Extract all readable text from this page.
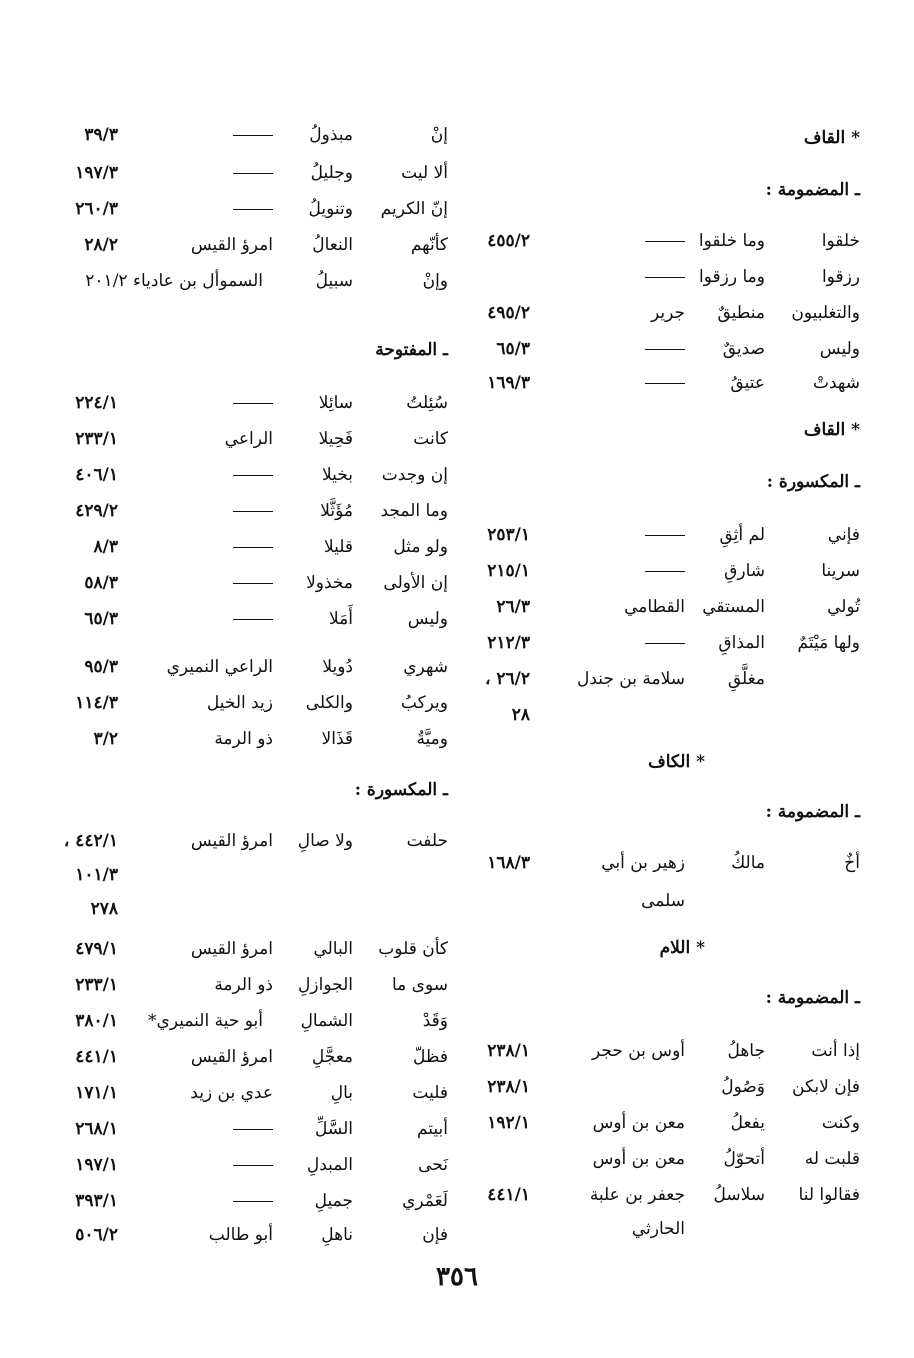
* القاف
ـ المضمومة :
خلقوا
وما خلقوا
٤٥٥/٢
رزقوا
وما رزقوا
والتغلبيون
منطيقٌ
جرير
٤٩٥/٢
وليس
صديقٌ
٦٥/٣
شهدتْ
عتيقُ
١٦٩/٣
* القاف
ـ المكسورة :
فإني
لم أثِقِ
٢٥٣/١
سرينا
شارقِ
٢١٥/١
تُولي
المستقي
القطامي
٢٦/٣
ولها مَيْتَمٌ
المذاقِ
٢١٢/٣
مغلَّقِ
سلامة بن جندل
٢٦/٢ ،
٢٨
* الكاف
ـ المضمومة :
أخٌ
مالكُ
زهير بن أبي
١٦٨/٣
سلمى
* اللام
ـ المضمومة :
إذا أنت
جاهلُ
أوس بن حجر
٢٣٨/١
فإن لابكن
وَصُولُ
٢٣٨/١
وكنت
يفعلُ
معن بن أوس
١٩٢/١
قلبت له
أتحوّلُ
معن بن أوس
فقالوا لنا
سلاسلُ
جعفر بن علبة
٤٤١/١
الحارثي
إنْ
مبذولُ
٣٩/٣
ألا ليت
وجليلُ
١٩٧/٣
إنّ الكريم
وتنويلُ
٢٦٠/٣
كأنّهم
النعالُ
امرؤ القيس
٢٨/٢
وإنْ
سبيلُ
السموأل بن عادياء ٢٠١/٢
ـ المفتوحة
سُئِلتُ
سائِلا
٢٢٤/١
كانت
فَحِيلا
الراعي
٢٣٣/١
إن وجدت
بخيلا
٤٠٦/١
وما المجد
مُؤَثَّلا
٤٢٩/٢
ولو مثل
قليلا
٨/٣
إن الأولى
مخذولا
٥٨/٣
وليس
أَمَلا
٦٥/٣
شهري
دُويلا
الراعي النميري
٩٥/٣
ويركبُ
والكلى
زيد الخيل
١١٤/٣
وميَّةُ
قَذَالا
ذو الرمة
٣/٢
ـ المكسورة :
حلفت
ولا صالِ
امرؤ القيس
٤٤٢/١ ،
١٠١/٣
٢٧٨
كأن قلوب
البالي
امرؤ القيس
٤٧٩/١
سوى ما
الجوازلِ
ذو الرمة
٢٣٣/١
وَقَدْ
الشمالِ
أبو حية النميري*
٣٨٠/١
فظلّ
معجَّلِ
امرؤ القيس
٤٤١/١
فليت
بالِ
عدي بن زيد
١٧١/١
أبيتم
السَّلِّ
٢٦٨/١
نَحى
المبدلِ
١٩٧/١
لَعَمْري
جميلِ
٣٩٣/١
فإن
ناهلِ
أبو طالب
٥٠٦/٢
٣٥٦
